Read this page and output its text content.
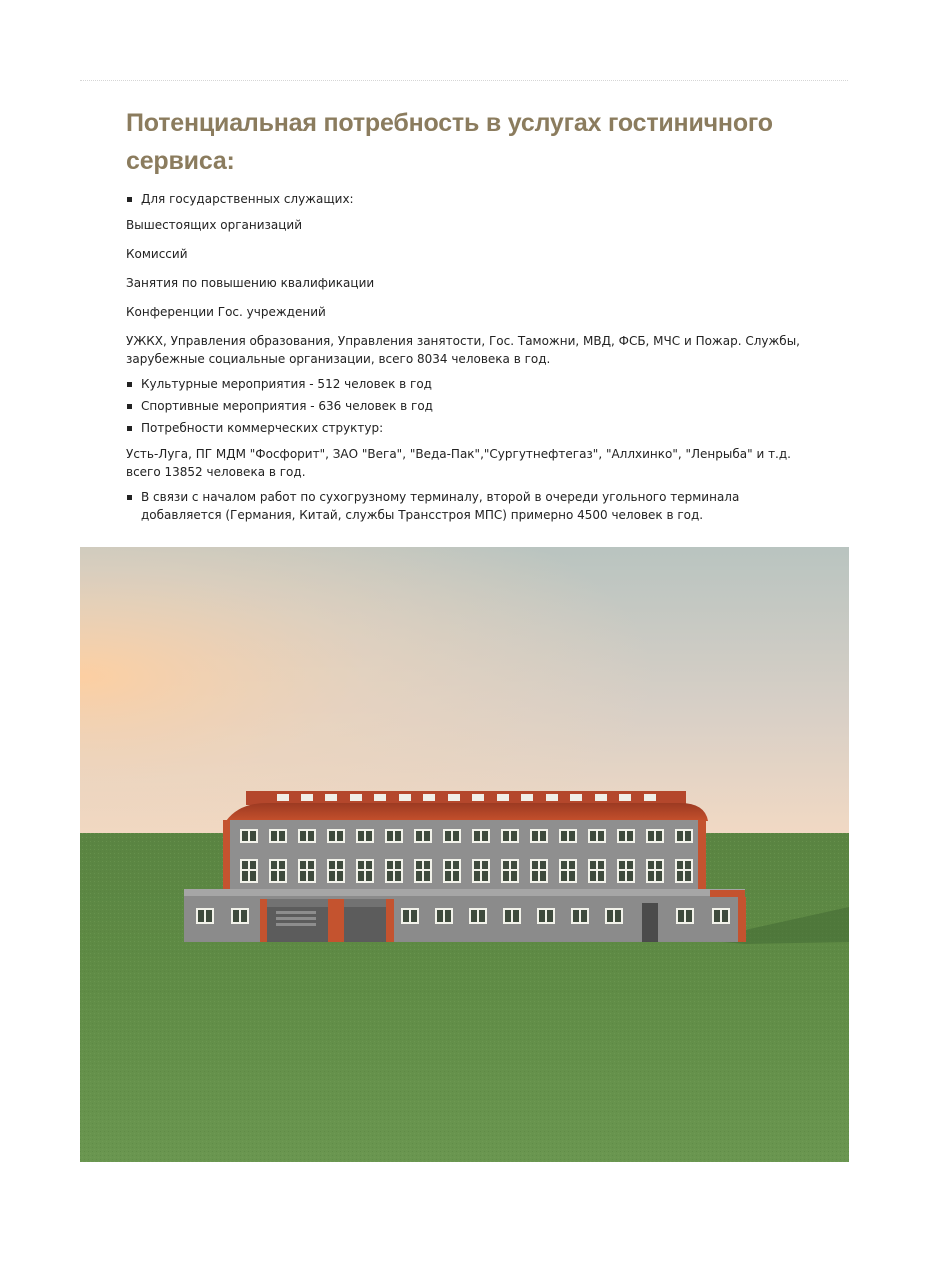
Потенциальная потребность в услугах гостиничного сервиса:
Для государственных служащих:

Вышестоящих организаций

Комиссий

Занятия по повышению квалификации

Конференции Гос. учреждений

УЖКХ, Управления образования, Управления занятости, Гос. Таможни, МВД, ФСБ, МЧС и Пожар. Службы, зарубежные социальные организации, всего 8034 человека в год.

Культурные мероприятия - 512 человек в год
Спортивные мероприятия - 636 человек в год
Потребности коммерческих структур:

Усть-Луга, ПГ МДМ "Фосфорит", ЗАО "Вега", "Веда-Пак","Сургутнефтегаз", "Аллхинко", "Ленрыба" и т.д. всего 13852 человека в год.

В связи с началом работ по сухогрузному терминалу, второй в очереди угольного терминала добавляется (Германия, Китай, службы Трансстроя МПС) примерно 4500 человек в год.
